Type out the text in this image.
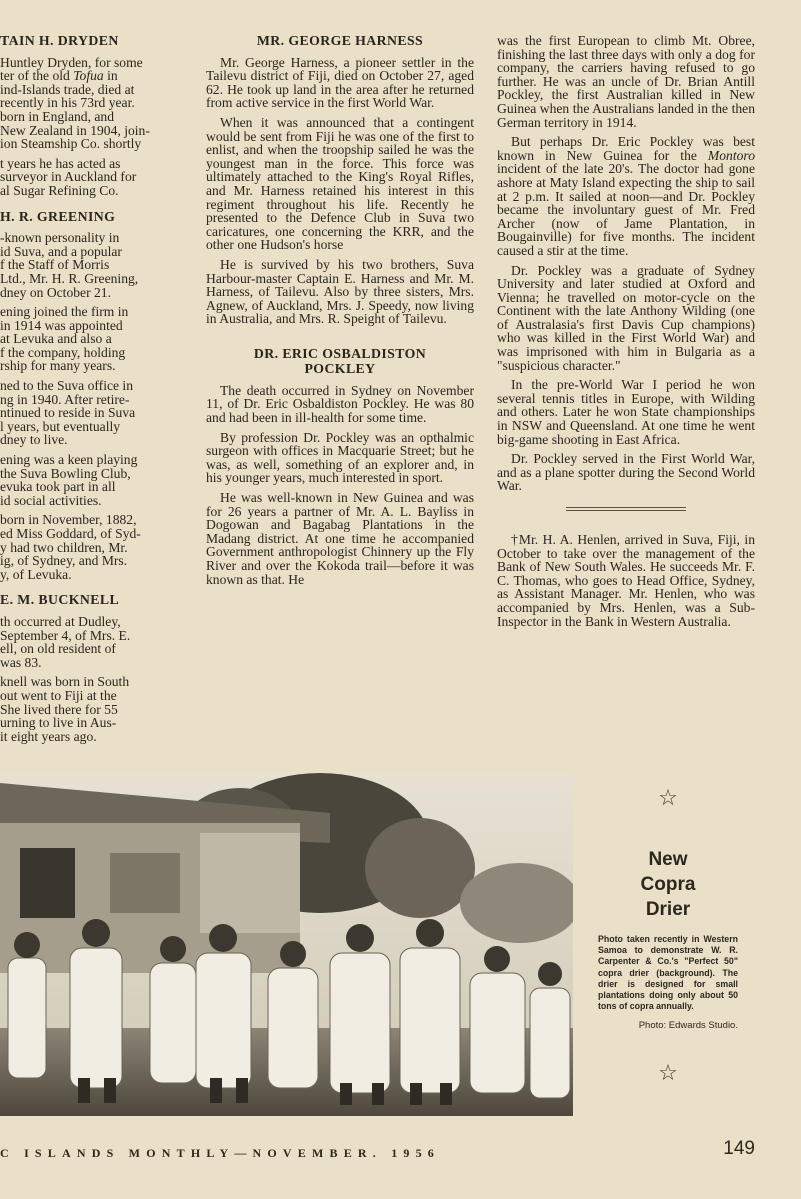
TAIN H. DRYDEN

Huntley Dryden, for some
ter of the old Tofua in
ind-Islands trade, died at
recently in his 73rd year.
born in England, and
New Zealand in 1904, join-
ion Steamship Co. shortly

t years he has acted as
surveyor in Auckland for
al Sugar Refining Co.

H. R. GREENING

-known personality in
id Suva, and a popular
f the Staff of Morris
Ltd., Mr. H. R. Greening,
dney on October 21.

ening joined the firm in
in 1914 was appointed
at Levuka and also a
f the company, holding
rship for many years.

ned to the Suva office in
ng in 1940. After retire-
ntinued to reside in Suva
l years, but eventually
dney to live.

ening was a keen playing
the Suva Bowling Club,
evuka took part in all
id social activities.

born in November, 1882,
ed Miss Goddard, of Syd-
y had two children, Mr.
ig, of Sydney, and Mrs.
y, of Levuka.

E. M. BUCKNELL

th occurred at Dudley,
September 4, of Mrs. E.
ell, on old resident of
was 83.

knell was born in South
out went to Fiji at the
She lived there for 55
urning to live in Aus-
it eight years ago.

MR. GEORGE HARNESS

Mr. George Harness, a pioneer settler in the Tailevu district of Fiji, died on October 27, aged 62. He took up land in the area after he returned from active service in the first World War.

When it was announced that a contingent would be sent from Fiji he was one of the first to enlist, and when the troopship sailed he was the youngest man in the force. This force was ultimately attached to the King's Royal Rifles, and Mr. Harness retained his interest in this regiment throughout his life. Recently he presented to the Defence Club in Suva two caricatures, one concerning the KRR, and the other one Hudson's horse

He is survived by his two brothers, Suva Harbour-master Captain E. Harness and Mr. M. Harness, of Tailevu. Also by three sisters, Mrs. Agnew, of Auckland, Mrs. J. Speedy, now living in Australia, and Mrs. R. Speight of Tailevu.

DR. ERIC OSBALDISTON
POCKLEY

The death occurred in Sydney on November 11, of Dr. Eric Osbaldiston Pockley. He was 80 and had been in ill-health for some time.

By profession Dr. Pockley was an opthalmic surgeon with offices in Macquarie Street; but he was, as well, something of an explorer and, in his younger years, much interested in sport.

He was well-known in New Guinea and was for 26 years a partner of Mr. A. L. Bayliss in Dogowan and Bagabag Plantations in the Madang district. At one time he accompanied Government anthropologist Chinnery up the Fly River and over the Kokoda trail—before it was known as that. He

was the first European to climb Mt. Obree, finishing the last three days with only a dog for company, the carriers having refused to go further. He was an uncle of Dr. Brian Antill Pockley, the first Australian killed in New Guinea when the Australians landed in the then German territory in 1914.

But perhaps Dr. Eric Pockley was best known in New Guinea for the Montoro incident of the late 20's. The doctor had gone ashore at Maty Island expecting the ship to sail at 2 p.m. It sailed at noon—and Dr. Pockley became the involuntary guest of Mr. Fred Archer (now of Jame Plantation, in Bougainville) for five months. The incident caused a stir at the time.

Dr. Pockley was a graduate of Sydney University and later studied at Oxford and Vienna; he travelled on motor-cycle on the Continent with the late Anthony Wilding (one of Australasia's first Davis Cup champions) who was killed in the First World War) and was imprisoned with him in Bulgaria as a "suspicious character."

In the pre-World War I period he won several tennis titles in Europe, with Wilding and others. Later he won State championships in NSW and Queensland. At one time he went big-game shooting in East Africa.

Dr. Pockley served in the First World War, and as a plane spotter during the Second World War.

†Mr. H. A. Henlen, arrived in Suva, Fiji, in October to take over the management of the Bank of New South Wales. He succeeds Mr. F. C. Thomas, who goes to Head Office, Sydney, as Assistant Manager. Mr. Henlen, who was accompanied by Mrs. Henlen, was a Sub-Inspector in the Bank in Western Australia.

☆
New
Copra
Drier
Photo taken recently in Western Samoa to demonstrate W. R. Carpenter & Co.'s "Perfect 50" copra drier (background). The drier is designed for small plantations doing only about 50 tons of copra annually.
Photo: Edwards Studio.
☆
C ISLANDS MONTHLY—NOVEMBER. 1956	149
